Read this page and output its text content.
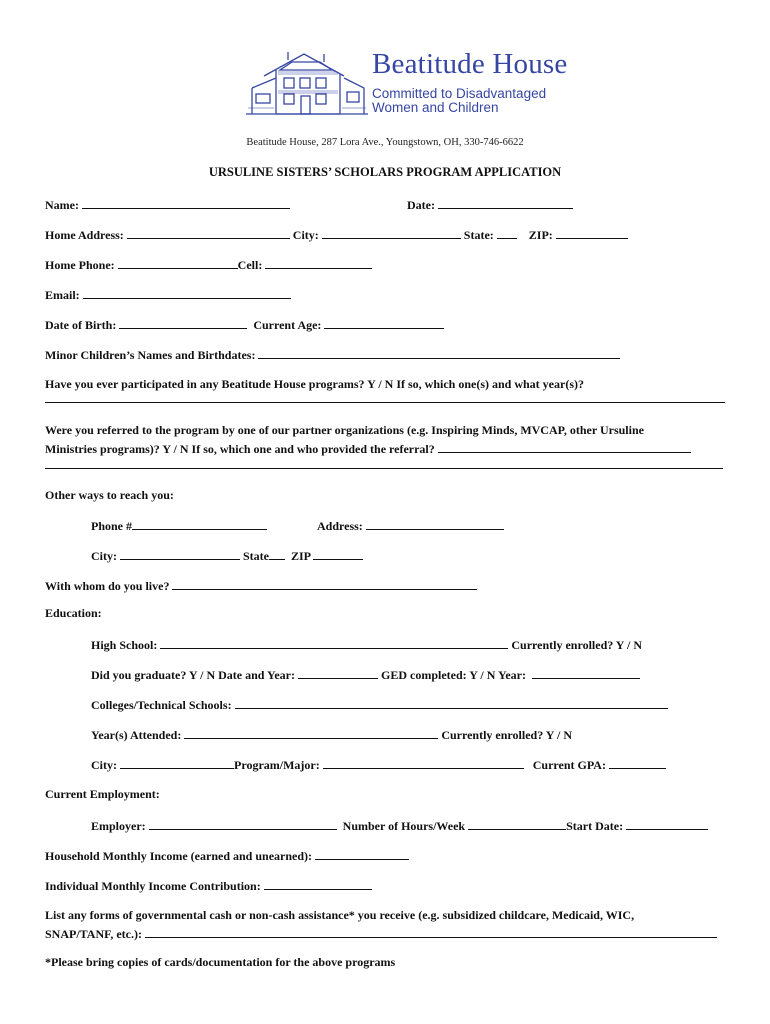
Beatitude House
Committed to Disadvantaged
Women and Children
Beatitude House, 287 Lora Ave., Youngstown, OH, 330-746-6622
URSULINE SISTERS’ SCHOLARS PROGRAM APPLICATION
Name:	Date:
Home Address:	City:	State:	ZIP:
Home Phone:	Cell:
Email:
Date of Birth:	Current Age:
Minor Children’s Names and Birthdates:
Have you ever participated in any Beatitude House programs? Y / N If so, which one(s) and what year(s)?
Were you referred to the program by one of our partner organizations (e.g. Inspiring Minds, MVCAP, other Ursuline
Ministries programs)? Y / N If so, which one and who provided the referral?
Other ways to reach you:
Phone #	Address:
City:	State  ZIP
With whom do you live?
Education:
High School:	Currently enrolled? Y / N
Did you graduate? Y / N Date and Year:	GED completed: Y / N Year:
Colleges/Technical Schools:
Year(s) Attended:	Currently enrolled? Y / N
City:	Program/Major:	Current GPA:
Current Employment:
Employer:	Number of Hours/Week	Start Date:
Household Monthly Income (earned and unearned):
Individual Monthly Income Contribution:
List any forms of governmental cash or non-cash assistance* you receive (e.g. subsidized childcare, Medicaid, WIC,
SNAP/TANF, etc.):
*Please bring copies of cards/documentation for the above programs
